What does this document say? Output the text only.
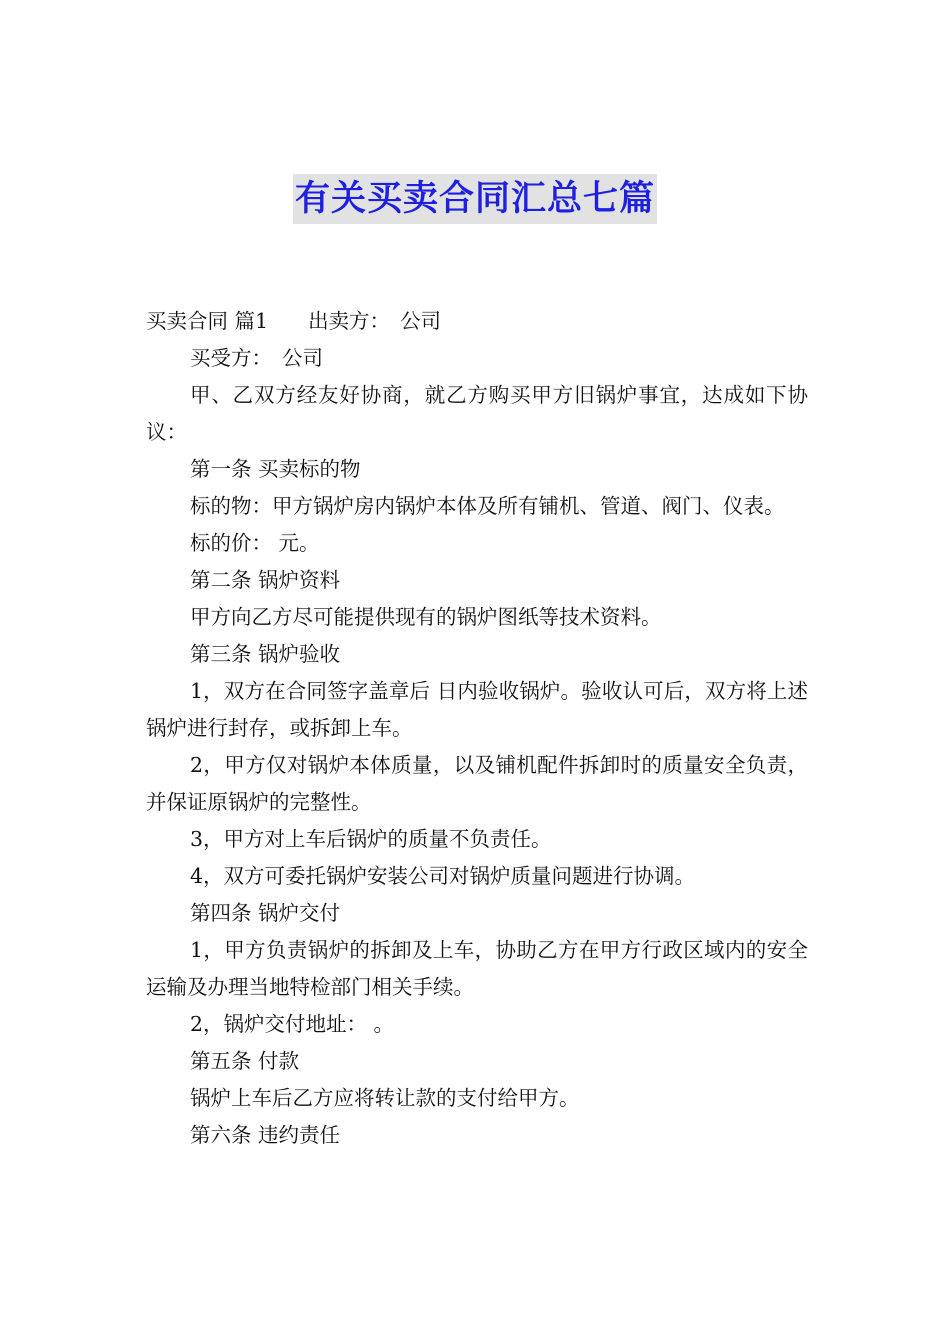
有关买卖合同汇总七篇

买卖合同 篇1 出卖方： 公司

买受方： 公司

甲、乙双方经友好协商，就乙方购买甲方旧锅炉事宜，达成如下协议：

第一条 买卖标的物

标的物：甲方锅炉房内锅炉本体及所有铺机、管道、阀门、仪表。

标的价： 元。

第二条 锅炉资料

甲方向乙方尽可能提供现有的锅炉图纸等技术资料。

第三条 锅炉验收

1，双方在合同签字盖章后 日内验收锅炉。验收认可后，双方将上述锅炉进行封存，或拆卸上车。

2，甲方仅对锅炉本体质量，以及铺机配件拆卸时的质量安全负责，并保证原锅炉的完整性。

3，甲方对上车后锅炉的质量不负责任。

4，双方可委托锅炉安装公司对锅炉质量问题进行协调。

第四条 锅炉交付

1，甲方负责锅炉的拆卸及上车，协助乙方在甲方行政区域内的安全运输及办理当地特检部门相关手续。

2，锅炉交付地址： 。

第五条 付款

锅炉上车后乙方应将转让款的支付给甲方。

第六条 违约责任
